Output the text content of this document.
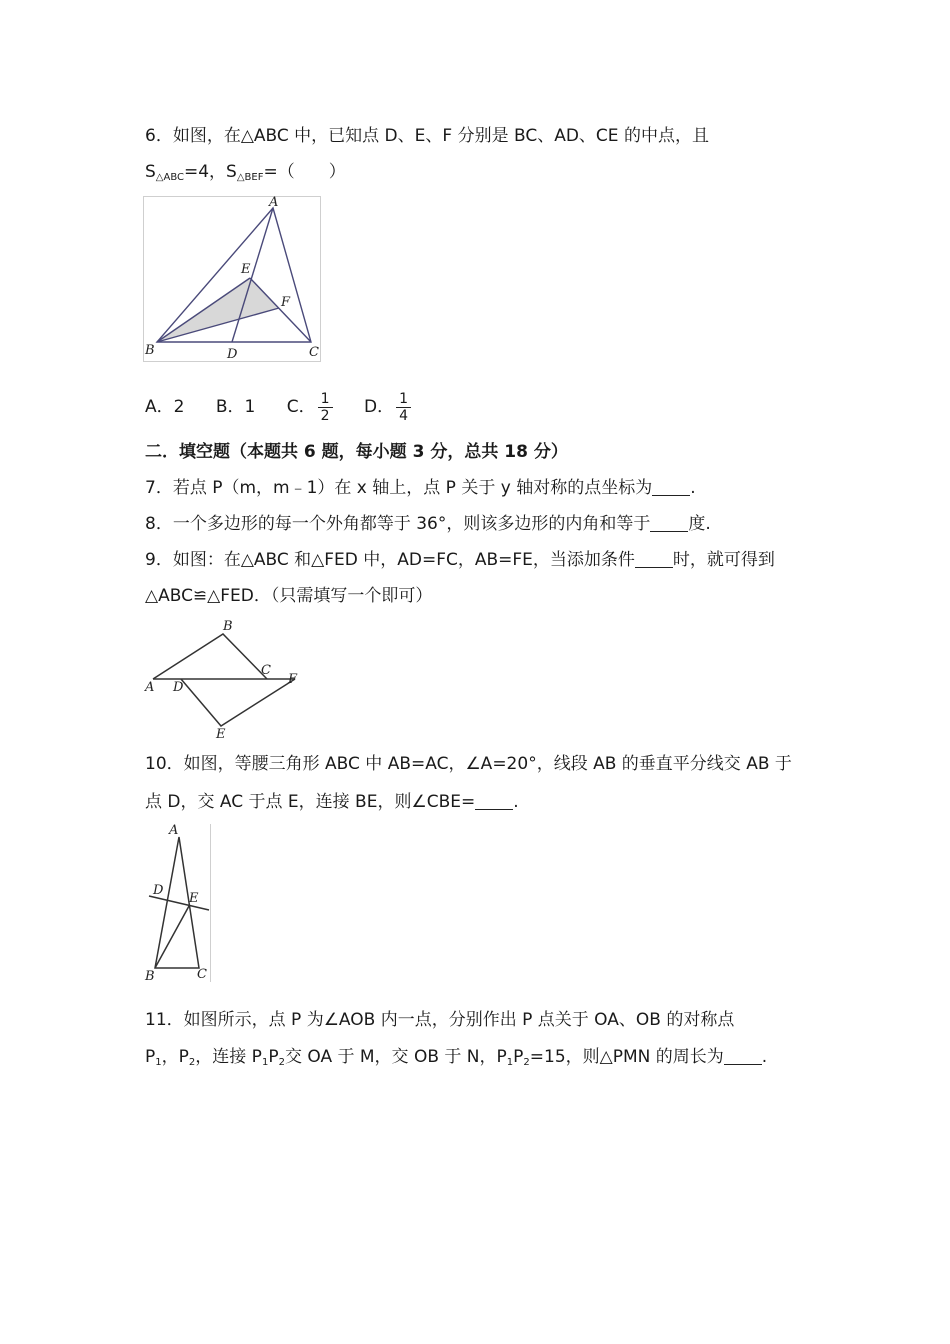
6．如图，在△ABC 中，已知点 D、E、F 分别是 BC、AD、CE 的中点，且
$S_{\triangle ABC}=4$，$S_{\triangle BEF}=$（　　）
A
B	C
D
E
F
A．2 B．1 C． $\frac{1}{2}$ D． $\frac{1}{4}$
二．填空题（本题共 6 题，每小题 3 分，总共 18 分）
7．若点 P（m，m﹣1）在 x 轴上，点 P 关于 y 轴对称的点坐标为 .
8．一个多边形的每一个外角都等于 36°，则该多边形的内角和等于 度.
9．如图：在△ABC 和△FED 中，AD=FC，AB=FE，当添加条件 时，就可得到
△ABC≌△FED．（只需填写一个即可）
B
A D
C
F
E
10．如图，等腰三角形 ABC 中 AB=AC，∠A=20°，线段 AB 的垂直平分线交 AB 于
点 D，交 AC 于点 E，连接 BE，则∠CBE= .
A
D
E
B	C
11．如图所示，点 P 为∠AOB 内一点，分别作出 P 点关于 OA、OB 的对称点
$P_1$，$P_2$，连接 $P_1P_2$交 OA 于 M，交 OB 于 N，$P_1P_2=15$，则△PMN 的周长为 .
